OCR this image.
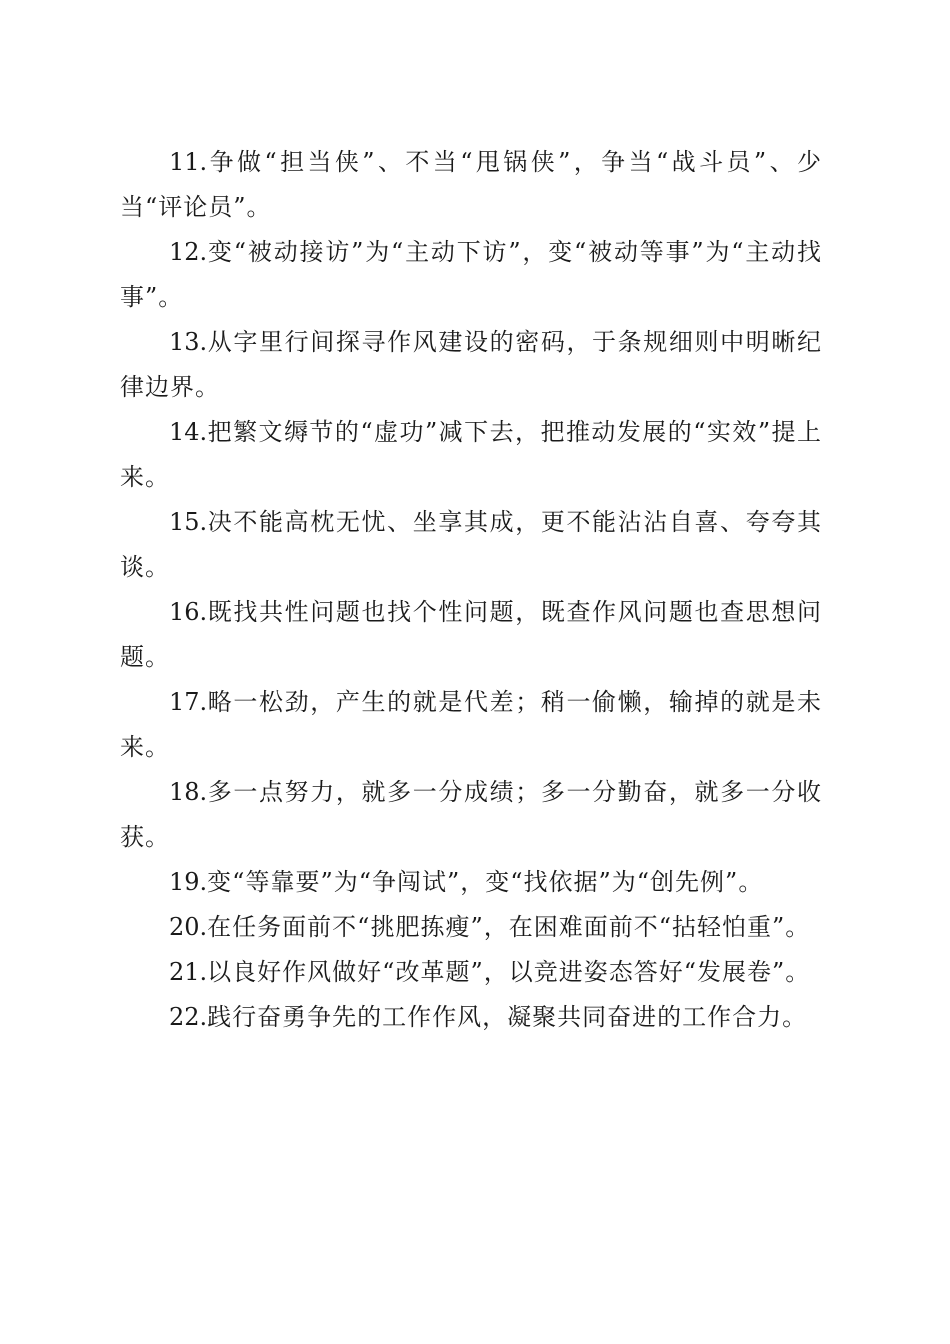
11.争做“担当侠”、不当“甩锅侠”，争当“战斗员”、少当“评论员”。

12.变“被动接访”为“主动下访”，变“被动等事”为“主动找事”。

13.从字里行间探寻作风建设的密码，于条规细则中明晰纪律边界。

14.把繁文缛节的“虚功”减下去，把推动发展的“实效”提上来。

15.决不能高枕无忧、坐享其成，更不能沾沾自喜、夸夸其谈。

16.既找共性问题也找个性问题，既查作风问题也查思想问题。

17.略一松劲，产生的就是代差；稍一偷懒，输掉的就是未来。

18.多一点努力，就多一分成绩；多一分勤奋，就多一分收获。

19.变“等靠要”为“争闯试”，变“找依据”为“创先例”。

20.在任务面前不“挑肥拣瘦”，在困难面前不“拈轻怕重”。

21.以良好作风做好“改革题”，以竞进姿态答好“发展卷”。

22.践行奋勇争先的工作作风，凝聚共同奋进的工作合力。
